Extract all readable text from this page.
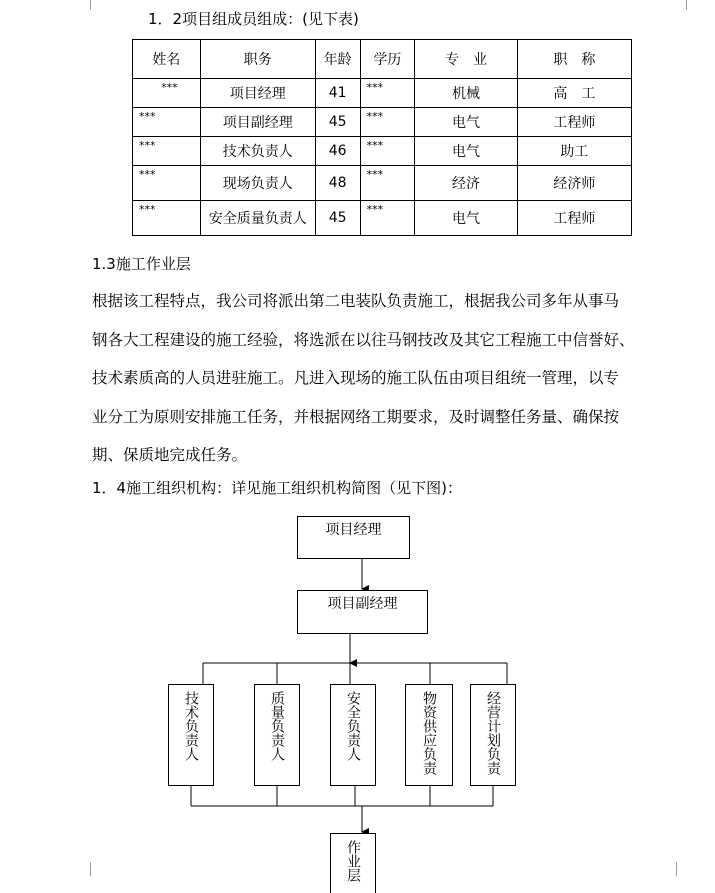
1．2项目组成员组成：(见下表)
姓名	职务	年龄	学历	专　业	职　称
***	项目经理	41	***	机械	高　工
***	项目副经理	45	***	电气	工程师
***	技术负责人	46	***	电气	助工
***	现场负责人	48	***	经济	经济师
***	安全质量负责人	45	***	电气	工程师
1.3施工作业层
根据该工程特点，我公司将派出第二电装队负责施工，根据我公司多年从事马
钢各大工程建设的施工经验，将选派在以往马钢技改及其它工程施工中信誉好、
技术素质高的人员进驻施工。凡进入现场的施工队伍由项目组统一管理，以专
业分工为原则安排施工任务，并根据网络工期要求，及时调整任务量、确保按
期、保质地完成任务。
1．4施工组织机构：详见施工组织机构简图（见下图)：
项目经理
项目副经理
技术负责人	质量负责人	安全负责人	物资供应负责	经营计划负责
作业层
